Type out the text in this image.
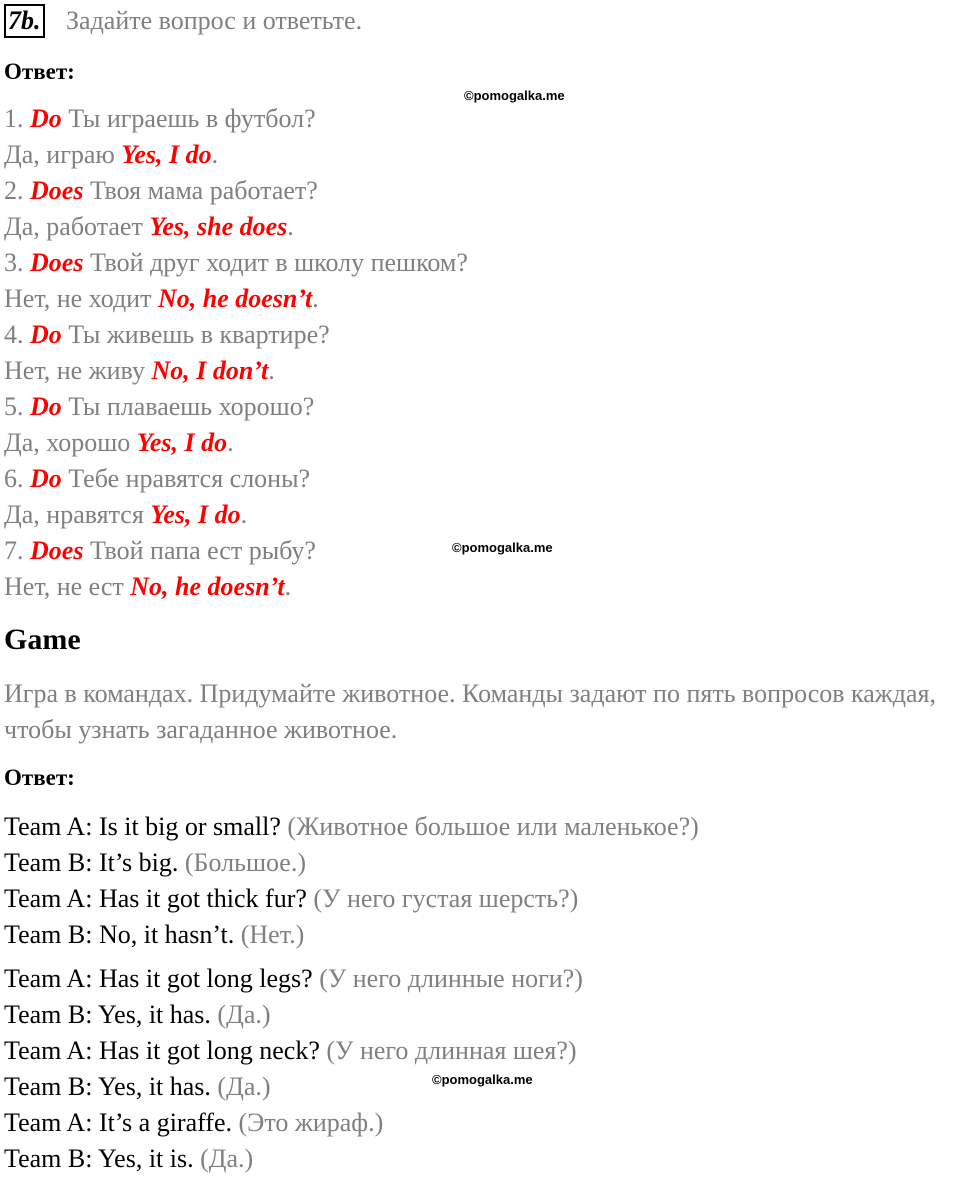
7b. Задайте вопрос и ответьте.
Ответ:
©pomogalka.me
1. Do Ты играешь в футбол?
Да, играю Yes, I do.
2. Does Твоя мама работает?
Да, работает Yes, she does.
3. Does Твой друг ходит в школу пешком?
Нет, не ходит No, he doesn’t.
4. Do Ты живешь в квартире?
Нет, не живу No, I don’t.
5. Do Ты плаваешь хорошо?
Да, хорошо Yes, I do.
6. Do Тебе нравятся слоны?
Да, нравятся Yes, I do.
©pomogalka.me
7. Does Твой папа ест рыбу?
Нет, не ест No, he doesn’t.
Game
Игра в командах. Придумайте животное. Команды задают по пять вопросов каждая, чтобы узнать загаданное животное.
Ответ:
Team A: Is it big or small? (Животное большое или маленькое?)
Team B: It’s big. (Большое.)
Team A: Has it got thick fur? (У него густая шерсть?)
Team B: No, it hasn’t. (Нет.)
Team A: Has it got long legs? (У него длинные ноги?)
Team B: Yes, it has. (Да.)
Team A: Has it got long neck? (У него длинная шея?)
©pomogalka.me
Team B: Yes, it has. (Да.)
Team A: It’s a giraffe. (Это жираф.)
Team B: Yes, it is. (Да.)
